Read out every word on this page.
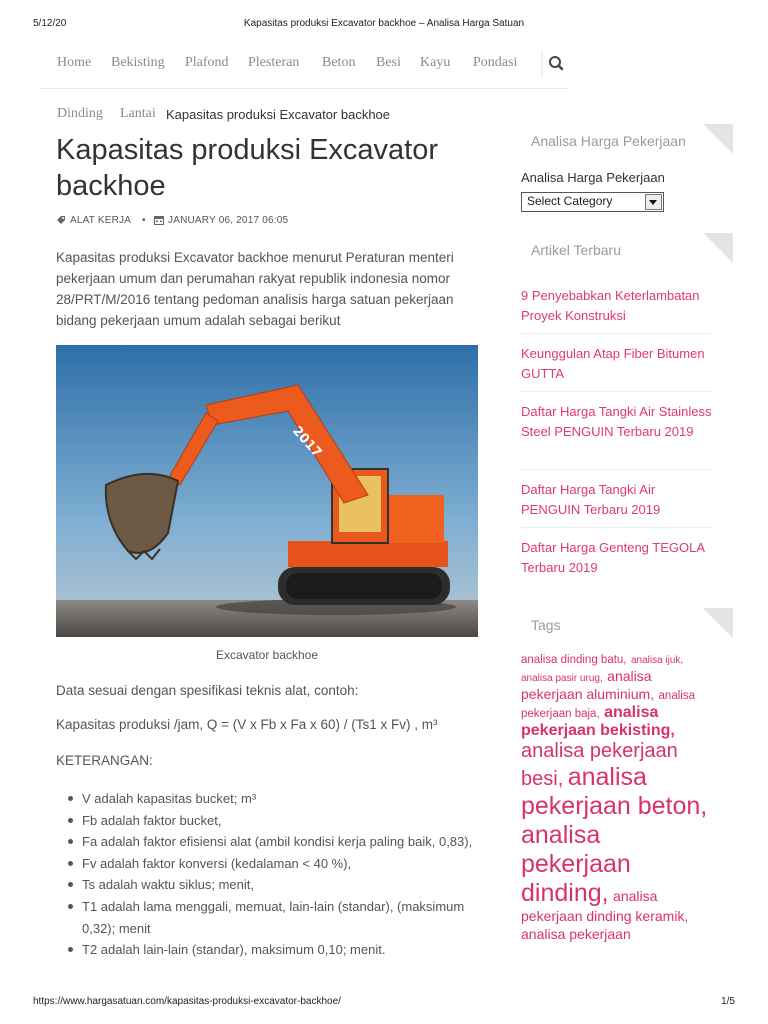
5/12/20	Kapasitas produksi Excavator backhoe – Analisa Harga Satuan
Home Bekisting Plafond Plesteran Beton Besi Kayu Pondasi
Dinding Lantai Kapasitas produksi Excavator backhoe
Kapasitas produksi Excavator backhoe
ALAT KERJA • JANUARY 06, 2017 06:05

Kapasitas produksi Excavator backhoe menurut Peraturan menteri pekerjaan umum dan perumahan rakyat republik indonesia nomor 28/PRT/M/2016 tentang pedoman analisis harga satuan pekerjaan bidang pekerjaan umum adalah sebagai berikut

2017
Excavator backhoe

Data sesuai dengan spesifikasi teknis alat, contoh:

Kapasitas produksi /jam, Q = (V x Fb x Fa x 60) / (Ts1 x Fv) , m³

KETERANGAN:

V adalah kapasitas bucket; m³
Fb adalah faktor bucket,
Fa adalah faktor efisiensi alat (ambil kondisi kerja paling baik, 0,83),
Fv adalah faktor konversi (kedalaman < 40 %),
Ts adalah waktu siklus; menit,
T1 adalah lama menggali, memuat, lain-lain (standar), (maksimum 0,32); menit
T2 adalah lain-lain (standar), maksimum 0,10; menit.
Analisa Harga Pekerjaan
Analisa Harga Pekerjaan
Select Category
Artikel Terbaru
9 Penyebabkan Keterlambatan Proyek Konstruksi
Keunggulan Atap Fiber Bitumen GUTTA
Daftar Harga Tangki Air Stainless Steel PENGUIN Terbaru 2019
Daftar Harga Tangki Air PENGUIN Terbaru 2019
Daftar Harga Genteng TEGOLA Terbaru 2019
Tags
analisa dinding batu, analisa ijuk, analisa pasir urug, analisa pekerjaan aluminium, analisa pekerjaan baja, analisa pekerjaan bekisting, analisa pekerjaan besi, analisa pekerjaan beton, analisa pekerjaan dinding, analisa pekerjaan dinding keramik, analisa pekerjaan
https://www.hargasatuan.com/kapasitas-produksi-excavator-backhoe/	1/5
